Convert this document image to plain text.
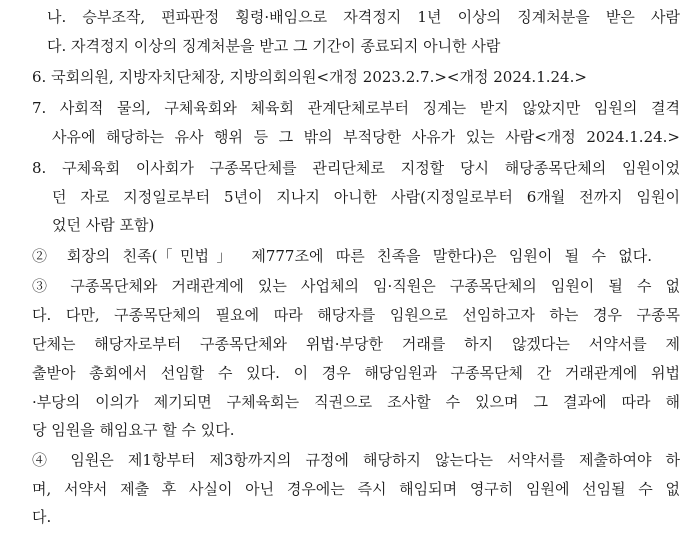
나. 승부조작, 편파판정 횡령·배임으로 자격정지 1년 이상의 징계처분을 받은 사람
다. 자격정지 이상의 징계처분을 받고 그 기간이 종료되지 아니한 사람
6. 국회의원, 지방자치단체장, 지방의회의원<개정 2023.2.7.><개정 2024.1.24.>
7. 사회적 물의, 구체육회와 체육회 관계단체로부터 징계는 받지 않았지만 임원의 결격
사유에 해당하는 유사 행위 등 그 밖의 부적당한 사유가 있는 사람<개정 2024.1.24.>
8. 구체육회 이사회가 구종목단체를 관리단체로 지정할 당시 해당종목단체의 임원이었
던 자로 지정일로부터 5년이 지나지 아니한 사람(지정일로부터 6개월 전까지 임원이
었던 사람 포함)
② 회장의 친족(「민법」 제777조에 따른 친족을 말한다)은 임원이 될 수 없다.
③ 구종목단체와 거래관계에 있는 사업체의 임·직원은 구종목단체의 임원이 될 수 없
다. 다만, 구종목단체의 필요에 따라 해당자를 임원으로 선임하고자 하는 경우 구종목
단체는 해당자로부터 구종목단체와 위법·부당한 거래를 하지 않겠다는 서약서를 제
출받아 총회에서 선임할 수 있다. 이 경우 해당임원과 구종목단체 간 거래관계에 위법
·부당의 이의가 제기되면 구체육회는 직권으로 조사할 수 있으며 그 결과에 따라 해
당 임원을 해임요구 할 수 있다.
④ 임원은 제1항부터 제3항까지의 규정에 해당하지 않는다는 서약서를 제출하여야 하
며, 서약서 제출 후 사실이 아닌 경우에는 즉시 해임되며 영구히 임원에 선임될 수 없
다.
